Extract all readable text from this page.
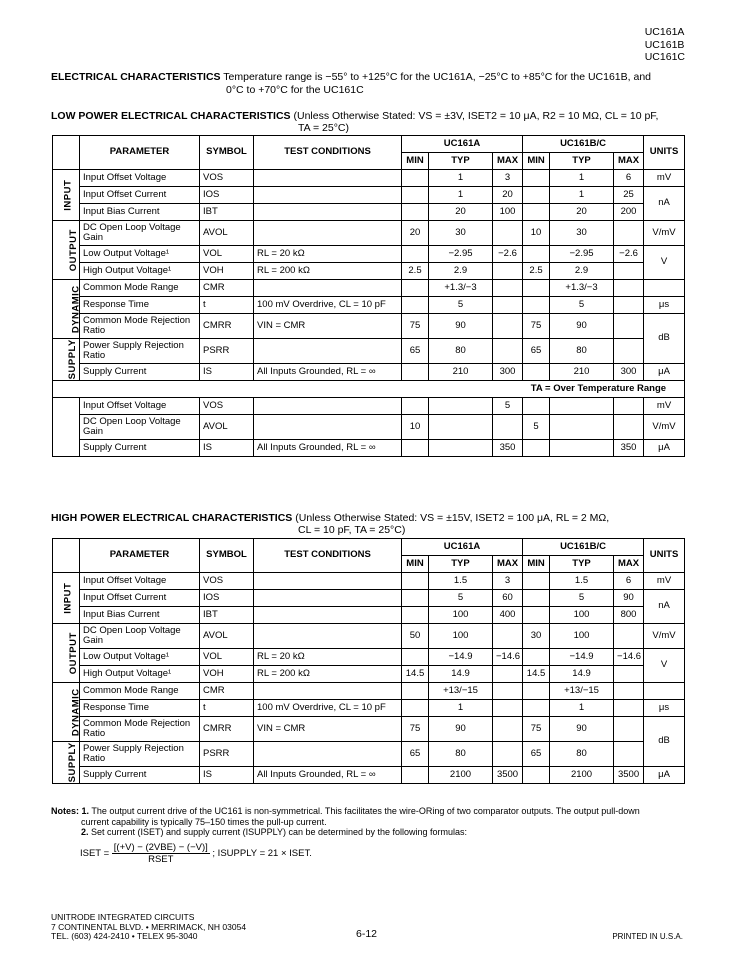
UC161A
UC161B
UC161C
ELECTRICAL CHARACTERISTICS Temperature range is −55° to +125°C for the UC161A, −25°C to +85°C for the UC161B, and
0°C to +70°C for the UC161C
LOW POWER ELECTRICAL CHARACTERISTICS (Unless Otherwise Stated: VS = ±3V, ISET2 = 10 μA, R2 = 10 MΩ, CL = 10 pF,
TA = 25°C)
	PARAMETER	SYMBOL	TEST CONDITIONS	UC161A			UC161B/C			UNITS
				MIN	TYP	MAX	MIN	TYP	MAX	
INPUT	Input Offset Voltage	VOS			1	3		1	6	mV
	Input Offset Current	IOS			1	20		1	25	nA
	Input Bias Current	IBT			20	100		20	200	
OUTPUT	DC Open Loop Voltage Gain	AVOL		20	30		10	30		V/mV
	Low Output Voltage¹	VOL	RL = 20 kΩ		−2.95	−2.6		−2.95	−2.6	V
	High Output Voltage¹	VOH	RL = 200 kΩ	2.5	2.9		2.5	2.9		
DYNAMIC	Common Mode Range	CMR			+1.3/−3			+1.3/−3		
	Response Time	t	100 mV Overdrive, CL = 10 pF		5			5		μs
	Common Mode Rejection Ratio	CMRR	VIN = CMR	75	90		75	90		dB
SUPPLY	Power Supply Rejection Ratio	PSRR		65	80		65	80		
	Supply Current	IS	All Inputs Grounded, RL = ∞		210	300		210	300	μA
TA = Over Temperature Range										
	Input Offset Voltage	VOS				5				mV
	DC Open Loop Voltage Gain	AVOL		10			5			V/mV
	Supply Current	IS	All Inputs Grounded, RL = ∞			350			350	μA
HIGH POWER ELECTRICAL CHARACTERISTICS (Unless Otherwise Stated: VS = ±15V, ISET2 = 100 μA, RL = 2 MΩ,
CL = 10 pF, TA = 25°C)
	PARAMETER	SYMBOL	TEST CONDITIONS	UC161A			UC161B/C			UNITS
				MIN	TYP	MAX	MIN	TYP	MAX	
INPUT	Input Offset Voltage	VOS			1.5	3		1.5	6	mV
	Input Offset Current	IOS			5	60		5	90	nA
	Input Bias Current	IBT			100	400		100	800	
OUTPUT	DC Open Loop Voltage Gain	AVOL		50	100		30	100		V/mV
	Low Output Voltage¹	VOL	RL = 20 kΩ		−14.9	−14.6		−14.9	−14.6	V
	High Output Voltage¹	VOH	RL = 200 kΩ	14.5	14.9		14.5	14.9		
DYNAMIC	Common Mode Range	CMR			+13/−15			+13/−15		
	Response Time	t	100 mV Overdrive, CL = 10 pF		1			1		μs
	Common Mode Rejection Ratio	CMRR	VIN = CMR	75	90		75	90		dB
SUPPLY	Power Supply Rejection Ratio	PSRR		65	80		65	80		
	Supply Current	IS	All Inputs Grounded, RL = ∞		2100	3500		2100	3500	μA
Notes: 1. The output current drive of the UC161 is non-symmetrical. This facilitates the wire-ORing of two comparator outputs. The output pull-down
current capability is typically 75–150 times the pull-up current.
2. Set current (ISET) and supply current (ISUPPLY) can be determined by the following formulas:
ISET = $\frac{\text{[(+V) − (2VBE) − (−V)]}}{\text{RSET}}$ ; ISUPPLY = 21 × ISET.
UNITRODE INTEGRATED CIRCUITS
7 CONTINENTAL BLVD. • MERRIMACK, NH 03054
TEL. (603) 424-2410 • TELEX 95-3040	6-12	PRINTED IN U.S.A.
